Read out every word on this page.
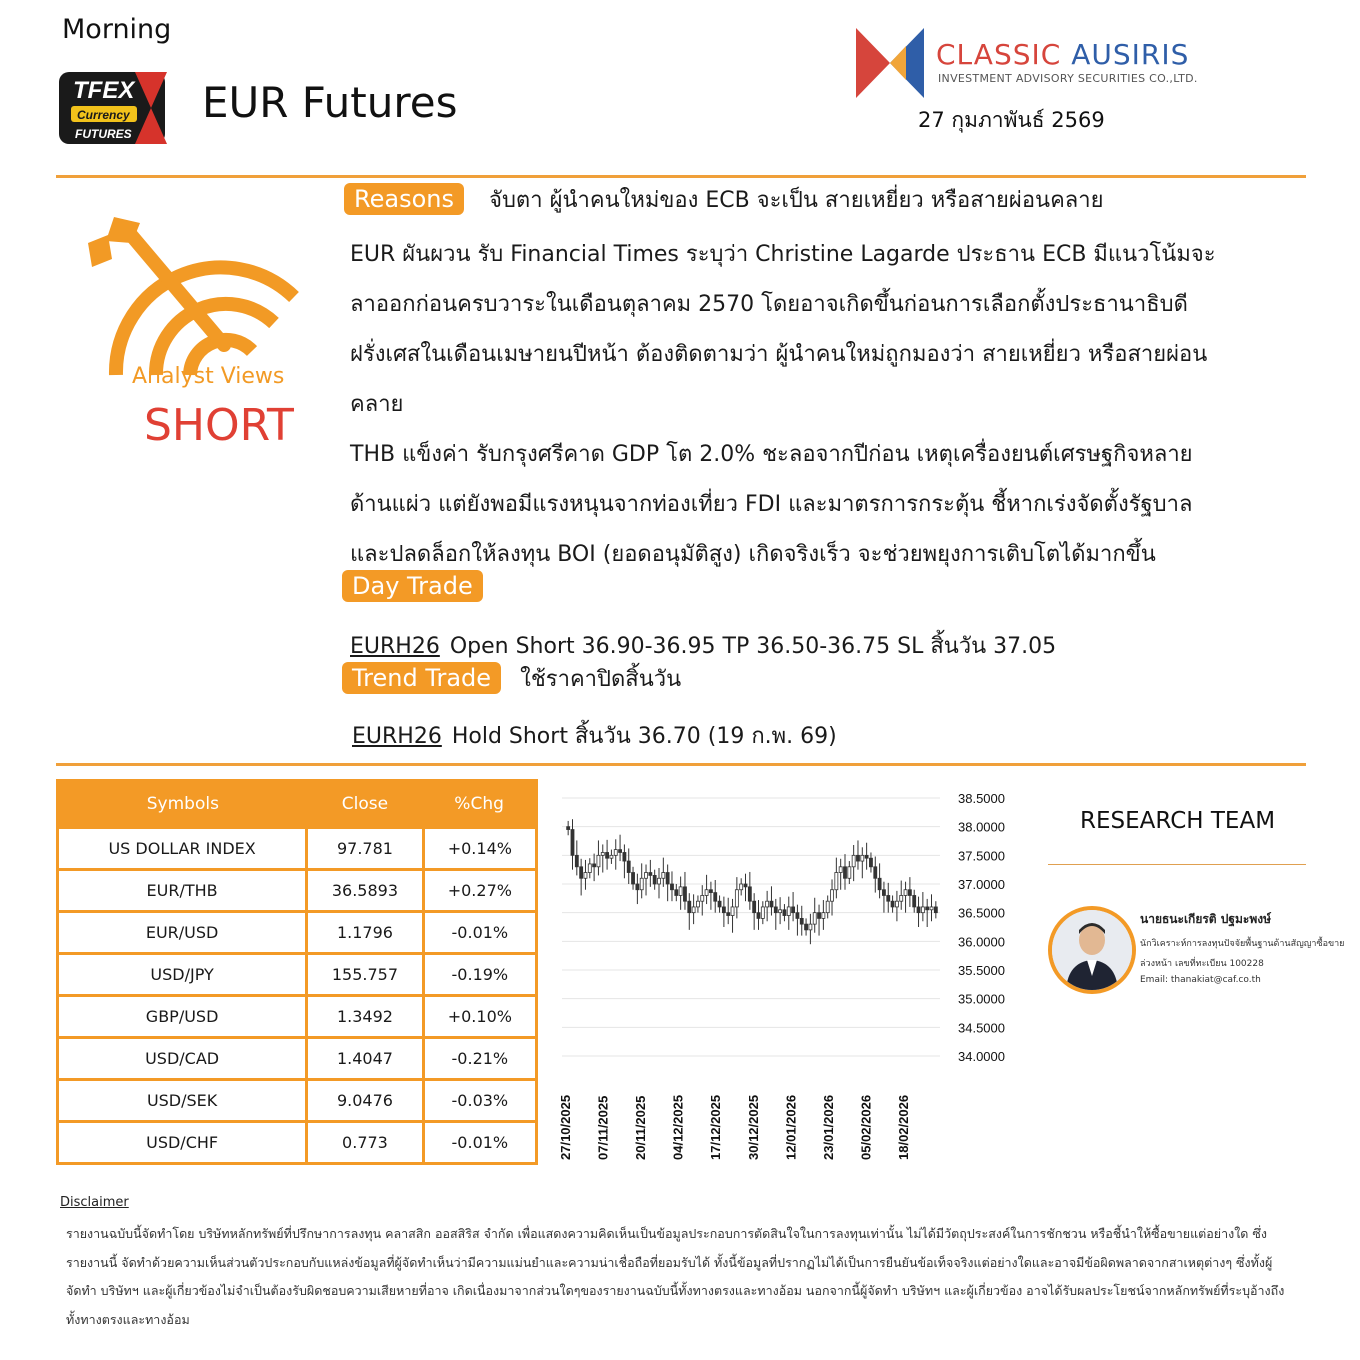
Morning
TFEX
Currency
FUTURES
EUR Futures
CLASSIC AUSIRIS
INVESTMENT ADVISORY SECURITIES CO.,LTD.
27 กุมภาพันธ์ 2569
Analyst Views
SHORT
Reasons จับตา ผู้นำคนใหม่ของ ECB จะเป็น สายเหยี่ยว หรือสายผ่อนคลาย
EUR ผันผวน รับ Financial Times ระบุว่า Christine Lagarde ประธาน ECB มีแนวโน้มจะ
ลาออกก่อนครบวาระในเดือนตุลาคม 2570 โดยอาจเกิดขึ้นก่อนการเลือกตั้งประธานาธิบดี
ฝรั่งเศสในเดือนเมษายนปีหน้า ต้องติดตามว่า ผู้นำคนใหม่ถูกมองว่า สายเหยี่ยว หรือสายผ่อน
คลาย
THB แข็งค่า รับกรุงศรีคาด GDP โต 2.0% ชะลอจากปีก่อน เหตุเครื่องยนต์เศรษฐกิจหลาย
ด้านแผ่ว แต่ยังพอมีแรงหนุนจากท่องเที่ยว FDI และมาตรการกระตุ้น ชี้หากเร่งจัดตั้งรัฐบาล
และปลดล็อกให้ลงทุน BOI (ยอดอนุมัติสูง) เกิดจริงเร็ว จะช่วยพยุงการเติบโตได้มากขึ้น
Day Trade
EURH26 Open Short 36.90-36.95 TP 36.50-36.75 SL สิ้นวัน 37.05
Trend Trade ใช้ราคาปิดสิ้นวัน
EURH26 Hold Short สิ้นวัน 36.70 (19 ก.พ. 69)
Symbols	Close	%Chg
US DOLLAR INDEX	97.781	+0.14%
EUR/THB	36.5893	+0.27%
EUR/USD	1.1796	-0.01%
USD/JPY	155.757	-0.19%
GBP/USD	1.3492	+0.10%
USD/CAD	1.4047	-0.21%
USD/SEK	9.0476	-0.03%
USD/CHF	0.773	-0.01%
38.5000
38.0000
37.5000
37.0000
36.5000
36.0000
35.5000
35.0000
34.5000
34.0000
27/10/2025 07/11/2025 20/11/2025 04/12/2025 17/12/2025 30/12/2025 12/01/2026 23/01/2026 05/02/2026 18/02/2026
RESEARCH TEAM
นายธนะเกียรติ ปฐมะพงษ์
นักวิเคราะห์การลงทุนปัจจัยพื้นฐานด้านสัญญาซื้อขายล่วงหน้า เลขที่ทะเบียน 100228
Email: thanakiat@caf.co.th
Disclaimer
รายงานฉบับนี้จัดทำโดย บริษัทหลักทรัพย์ที่ปรึกษาการลงทุน คลาสสิก ออสสิริส จำกัด เพื่อแสดงความคิดเห็นเป็นข้อมูลประกอบการตัดสินใจในการลงทุนเท่านั้น ไม่ได้มีวัตถุประสงค์ในการชักชวน หรือชี้นำให้ซื้อขายแต่อย่างใด ซึ่งรายงานนี้ จัดทำด้วยความเห็นส่วนตัวประกอบกับแหล่งข้อมูลที่ผู้จัดทำเห็นว่ามีความแม่นยำและความน่าเชื่อถือที่ยอมรับได้ ทั้งนี้ข้อมูลที่ปรากฏไม่ได้เป็นการยืนยันข้อเท็จจริงแต่อย่างใดและอาจมีข้อผิดพลาดจากสาเหตุต่างๆ ซึ่งทั้งผู้จัดทำ บริษัทฯ และผู้เกี่ยวข้องไม่จำเป็นต้องรับผิดชอบความเสียหายที่อาจ เกิดเนื่องมาจากส่วนใดๆของรายงานฉบับนี้ทั้งทางตรงและทางอ้อม นอกจากนี้ผู้จัดทำ บริษัทฯ และผู้เกี่ยวข้อง อาจได้รับผลประโยชน์จากหลักทรัพย์ที่ระบุอ้างถึงทั้งทางตรงและทางอ้อม
